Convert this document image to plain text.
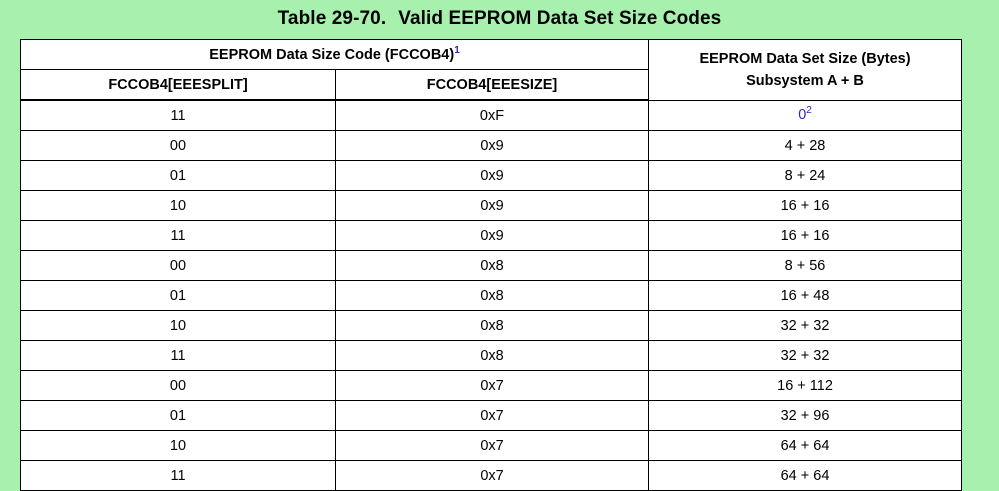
Table 29-70. Valid EEPROM Data Set Size Codes
EEPROM Data Size Code (FCCOB4)$^1$		EEPROM Data Set Size (Bytes)
Subsystem A + B

FCCOB4[EEESPLIT]	FCCOB4[EEESIZE]	
11	0xF	0$^2$
00	0x9	4 + 28
01	0x9	8 + 24
10	0x9	16 + 16
11	0x9	16 + 16
00	0x8	8 + 56
01	0x8	16 + 48
10	0x8	32 + 32
11	0x8	32 + 32
00	0x7	16 + 112
01	0x7	32 + 96
10	0x7	64 + 64
11	0x7	64 + 64
